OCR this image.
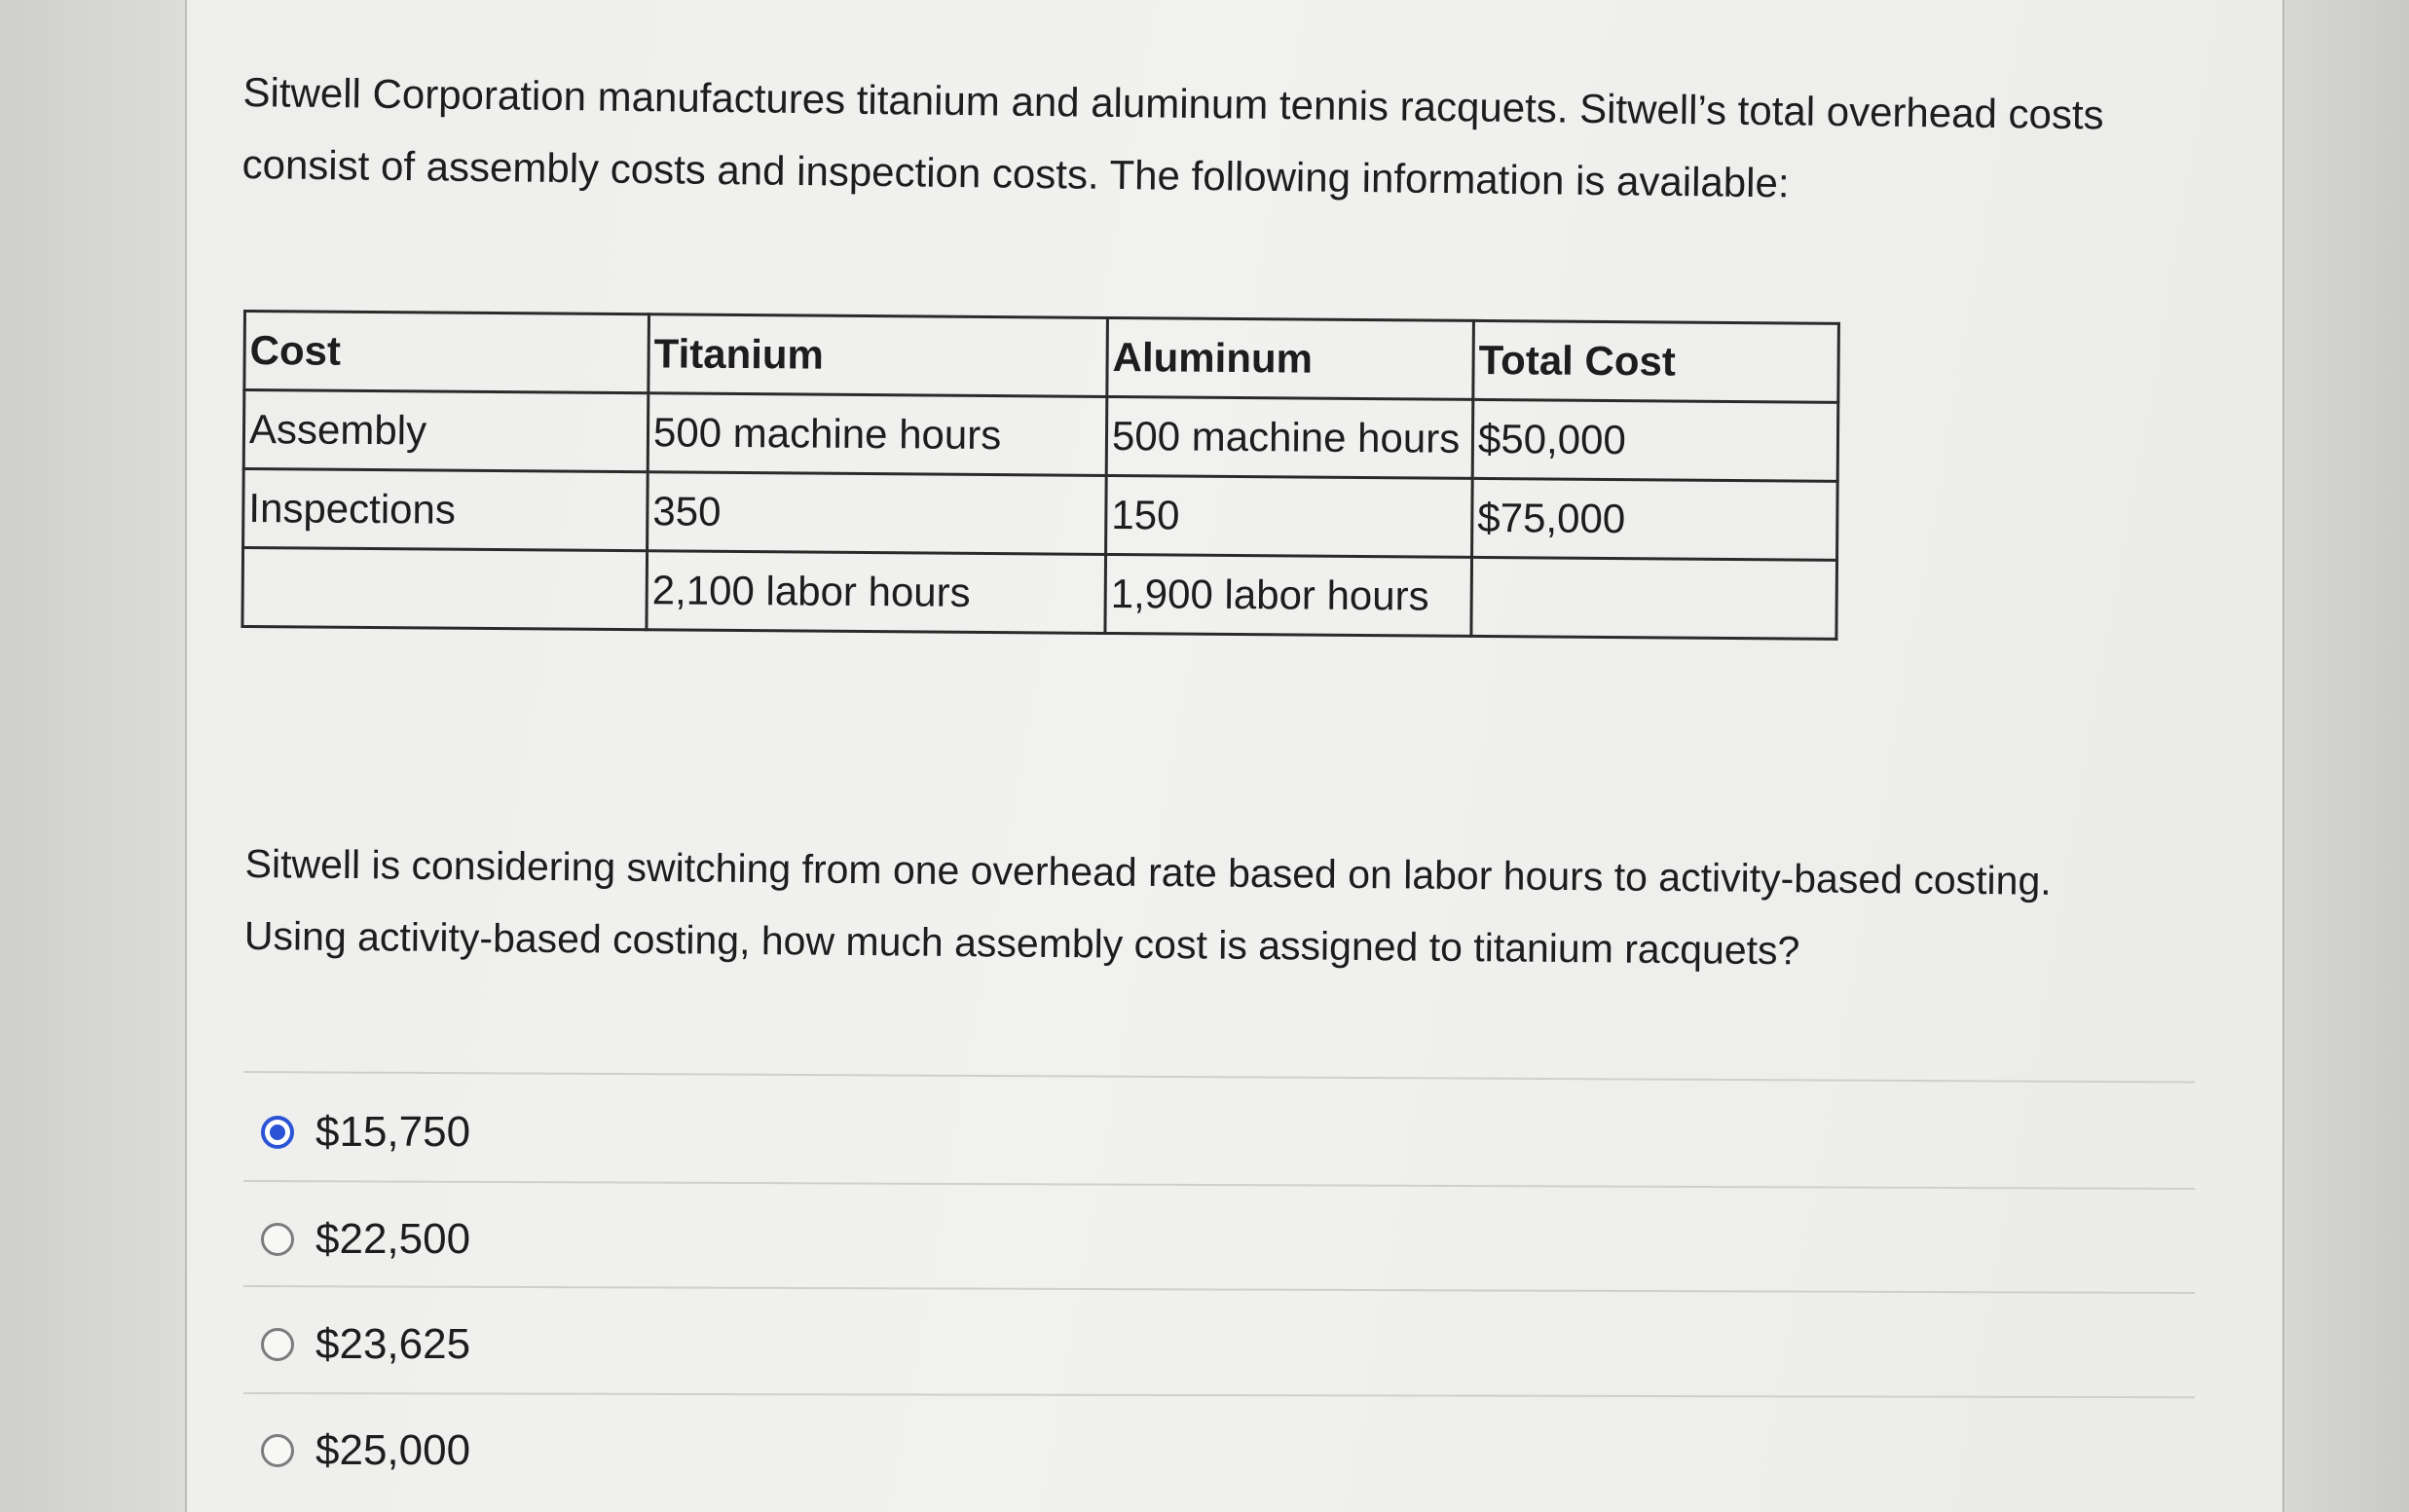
Sitwell Corporation manufactures titanium and aluminum tennis racquets. Sitwell’s total overhead costs consist of assembly costs and inspection costs. The following information is available:

Cost	Titanium	Aluminum	Total Cost
Assembly	500 machine hours	500 machine hours	$50,000
Inspections	350	150	$75,000
	2,100 labor hours	1,900 labor hours	
Sitwell is considering switching from one overhead rate based on labor hours to activity-based costing.
Using activity-based costing, how much assembly cost is assigned to titanium racquets?
$15,750
$22,500
$23,625
$25,000
